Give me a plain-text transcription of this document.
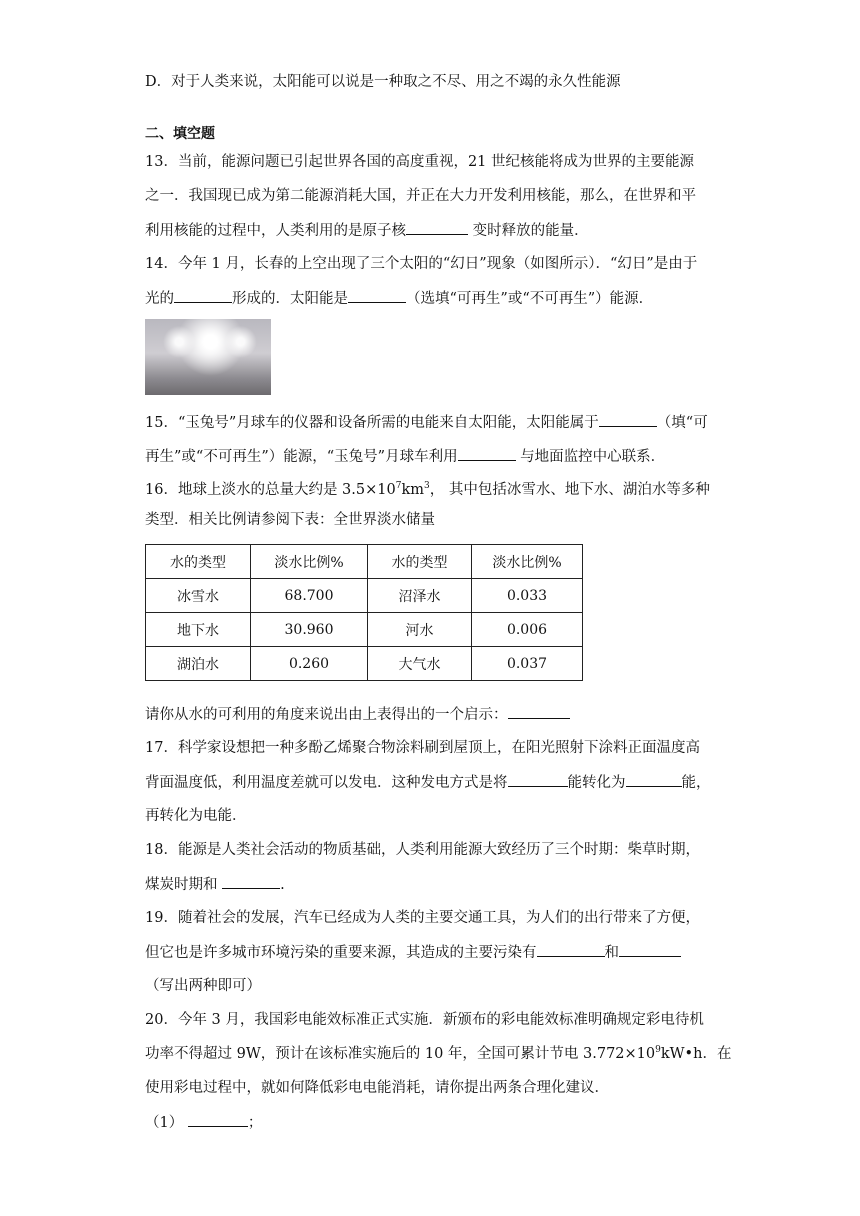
D．对于人类来说，太阳能可以说是一种取之不尽、用之不竭的永久性能源
二、填空题
13．当前，能源问题已引起世界各国的高度重视，21 世纪核能将成为世界的主要能源
之一．我国现已成为第二能源消耗大国，并正在大力开发利用核能，那么，在世界和平
利用核能的过程中，人类利用的是原子核	变时释放的能量．
14．今年 1 月，长春的上空出现了三个太阳的“幻日”现象（如图所示）．“幻日”是由于
光的	形成的．太阳能是	（选填“可再生”或“不可再生”）能源．
15．“玉兔号”月球车的仪器和设备所需的电能来自太阳能，太阳能属于	（填“可
再生”或“不可再生”）能源，“玉兔号”月球车利用	与地面监控中心联系．
16．地球上淡水的总量大约是 $3.5\times 10^7km^3$， 其中包括冰雪水、地下水、湖泊水等多种
类型．相关比例请参阅下表：全世界淡水储量
水的类型	淡水比例%	水的类型	淡水比例%
冰雪水	68.700	沼泽水	0.033
地下水	30.960	河水	0.006
湖泊水	0.260	大气水	0.037
请你从水的可利用的角度来说出由上表得出的一个启示：
17．科学家设想把一种多酚乙烯聚合物涂料刷到屋顶上，在阳光照射下涂料正面温度高
背面温度低，利用温度差就可以发电．这种发电方式是将	能转化为	能，
再转化为电能．
18．能源是人类社会活动的物质基础，人类利用能源大致经历了三个时期：柴草时期，
煤炭时期和	.
19．随着社会的发展，汽车已经成为人类的主要交通工具，为人们的出行带来了方便，
但它也是许多城市环境污染的重要来源，其造成的主要污染有	和
（写出两种即可）
20．今年 3 月，我国彩电能效标准正式实施．新颁布的彩电能效标准明确规定彩电待机
功率不得超过 9W，预计在该标准实施后的 10 年，全国可累计节电 $3.772\times 10^9kW•h$．在
使用彩电过程中，就如何降低彩电电能消耗，请你提出两条合理化建议．
（1）	；
